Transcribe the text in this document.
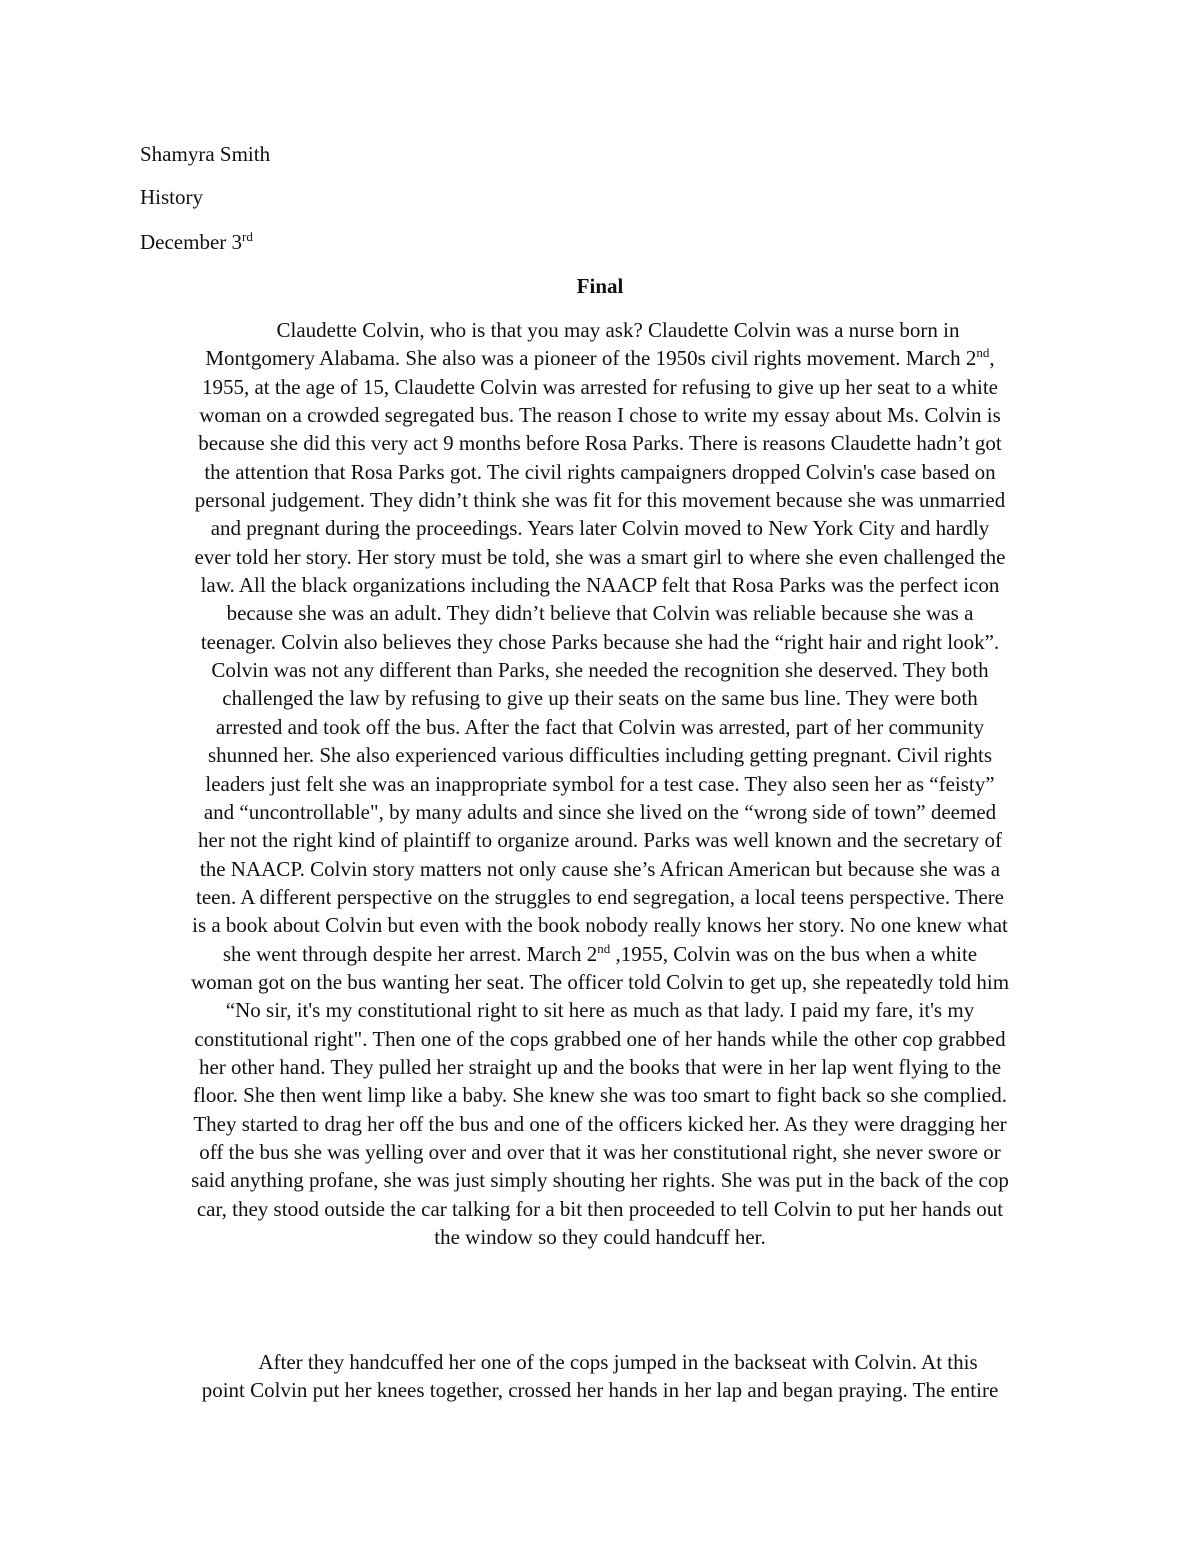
Shamyra Smith
History
December 3rd
Final
Claudette Colvin, who is that you may ask? Claudette Colvin was a nurse born in
Montgomery Alabama. She also was a pioneer of the 1950s civil rights movement. March 2nd,
1955, at the age of 15, Claudette Colvin was arrested for refusing to give up her seat to a white
woman on a crowded segregated bus. The reason I chose to write my essay about Ms. Colvin is
because she did this very act 9 months before Rosa Parks. There is reasons Claudette hadn’t got
the attention that Rosa Parks got. The civil rights campaigners dropped Colvin's case based on
personal judgement. They didn’t think she was fit for this movement because she was unmarried
and pregnant during the proceedings. Years later Colvin moved to New York City and hardly
ever told her story. Her story must be told, she was a smart girl to where she even challenged the
law. All the black organizations including the NAACP felt that Rosa Parks was the perfect icon
because she was an adult. They didn’t believe that Colvin was reliable because she was a
teenager. Colvin also believes they chose Parks because she had the “right hair and right look”.
Colvin was not any different than Parks, she needed the recognition she deserved. They both
challenged the law by refusing to give up their seats on the same bus line. They were both
arrested and took off the bus. After the fact that Colvin was arrested, part of her community
shunned her. She also experienced various difficulties including getting pregnant. Civil rights
leaders just felt she was an inappropriate symbol for a test case. They also seen her as “feisty”
and “uncontrollable", by many adults and since she lived on the “wrong side of town” deemed
her not the right kind of plaintiff to organize around. Parks was well known and the secretary of
the NAACP. Colvin story matters not only cause she’s African American but because she was a
teen. A different perspective on the struggles to end segregation, a local teens perspective. There
is a book about Colvin but even with the book nobody really knows her story. No one knew what
she went through despite her arrest. March 2nd ,1955, Colvin was on the bus when a white
woman got on the bus wanting her seat. The officer told Colvin to get up, she repeatedly told him
“No sir, it's my constitutional right to sit here as much as that lady. I paid my fare, it's my
constitutional right". Then one of the cops grabbed one of her hands while the other cop grabbed
her other hand. They pulled her straight up and the books that were in her lap went flying to the
floor. She then went limp like a baby. She knew she was too smart to fight back so she complied.
They started to drag her off the bus and one of the officers kicked her. As they were dragging her
off the bus she was yelling over and over that it was her constitutional right, she never swore or
said anything profane, she was just simply shouting her rights. She was put in the back of the cop
car, they stood outside the car talking for a bit then proceeded to tell Colvin to put her hands out
the window so they could handcuff her.
After they handcuffed her one of the cops jumped in the backseat with Colvin. At this
point Colvin put her knees together, crossed her hands in her lap and began praying. The entire
